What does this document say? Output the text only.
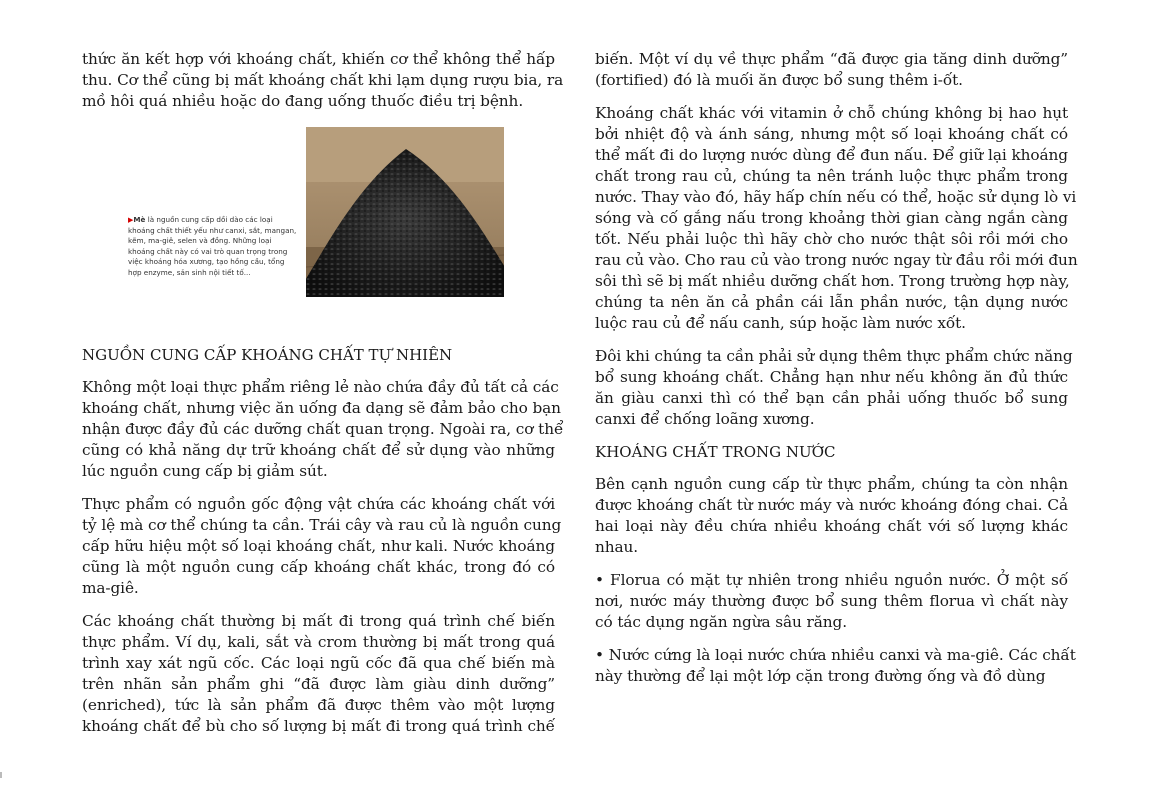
thức ăn kết hợp với khoáng chất, khiến cơ thể không thể hấp
thu. Cơ thể cũng bị mất khoáng chất khi lạm dụng rượu bia, ra
mồ hôi quá nhiều hoặc do đang uống thuốc điều trị bệnh.
▶Mè là nguồn cung cấp dồi dào các loại khoáng chất thiết yếu như canxi, sắt, mangan, kẽm, ma-giê, selen và đồng. Những loại khoáng chất này có vai trò quan trọng trong việc khoáng hóa xương, tạo hồng cầu, tổng hợp enzyme, sản sinh nội tiết tố...
NGUỒN CUNG CẤP KHOÁNG CHẤT TỰ NHIÊN
Không một loại thực phẩm riêng lẻ nào chứa đầy đủ tất cả các
khoáng chất, nhưng việc ăn uống đa dạng sẽ đảm bảo cho bạn
nhận được đầy đủ các dưỡng chất quan trọng. Ngoài ra, cơ thể
cũng có khả năng dự trữ khoáng chất để sử dụng vào những
lúc nguồn cung cấp bị giảm sút.
Thực phẩm có nguồn gốc động vật chứa các khoáng chất với
tỷ lệ mà cơ thể chúng ta cần. Trái cây và rau củ là nguồn cung
cấp hữu hiệu một số loại khoáng chất, như kali. Nước khoáng
cũng là một nguồn cung cấp khoáng chất khác, trong đó có
ma-giê.
Các khoáng chất thường bị mất đi trong quá trình chế biến
thực phẩm. Ví dụ, kali, sắt và crom thường bị mất trong quá
trình xay xát ngũ cốc. Các loại ngũ cốc đã qua chế biến mà
trên nhãn sản phẩm ghi “đã được làm giàu dinh dưỡng”
(enriched), tức là sản phẩm đã được thêm vào một lượng
khoáng chất để bù cho số lượng bị mất đi trong quá trình chế
biến. Một ví dụ về thực phẩm “đã được gia tăng dinh dưỡng”
(fortified) đó là muối ăn được bổ sung thêm i-ốt.
Khoáng chất khác với vitamin ở chỗ chúng không bị hao hụt
bởi nhiệt độ và ánh sáng, nhưng một số loại khoáng chất có
thể mất đi do lượng nước dùng để đun nấu. Để giữ lại khoáng
chất trong rau củ, chúng ta nên tránh luộc thực phẩm trong
nước. Thay vào đó, hãy hấp chín nếu có thể, hoặc sử dụng lò vi
sóng và cố gắng nấu trong khoảng thời gian càng ngắn càng
tốt. Nếu phải luộc thì hãy chờ cho nước thật sôi rồi mới cho
rau củ vào. Cho rau củ vào trong nước ngay từ đầu rồi mới đun
sôi thì sẽ bị mất nhiều dưỡng chất hơn. Trong trường hợp này,
chúng ta nên ăn cả phần cái lẫn phần nước, tận dụng nước
luộc rau củ để nấu canh, súp hoặc làm nước xốt.
Đôi khi chúng ta cần phải sử dụng thêm thực phẩm chức năng
bổ sung khoáng chất. Chẳng hạn như nếu không ăn đủ thức
ăn giàu canxi thì có thể bạn cần phải uống thuốc bổ sung
canxi để chống loãng xương.
KHOÁNG CHẤT TRONG NƯỚC
Bên cạnh nguồn cung cấp từ thực phẩm, chúng ta còn nhận
được khoáng chất từ nước máy và nước khoáng đóng chai. Cả
hai loại này đều chứa nhiều khoáng chất với số lượng khác
nhau.
• Florua có mặt tự nhiên trong nhiều nguồn nước. Ở một số
nơi, nước máy thường được bổ sung thêm florua vì chất này
có tác dụng ngăn ngừa sâu răng.
• Nước cứng là loại nước chứa nhiều canxi và ma-giê. Các chất
này thường để lại một lớp cặn trong đường ống và đồ dùng
